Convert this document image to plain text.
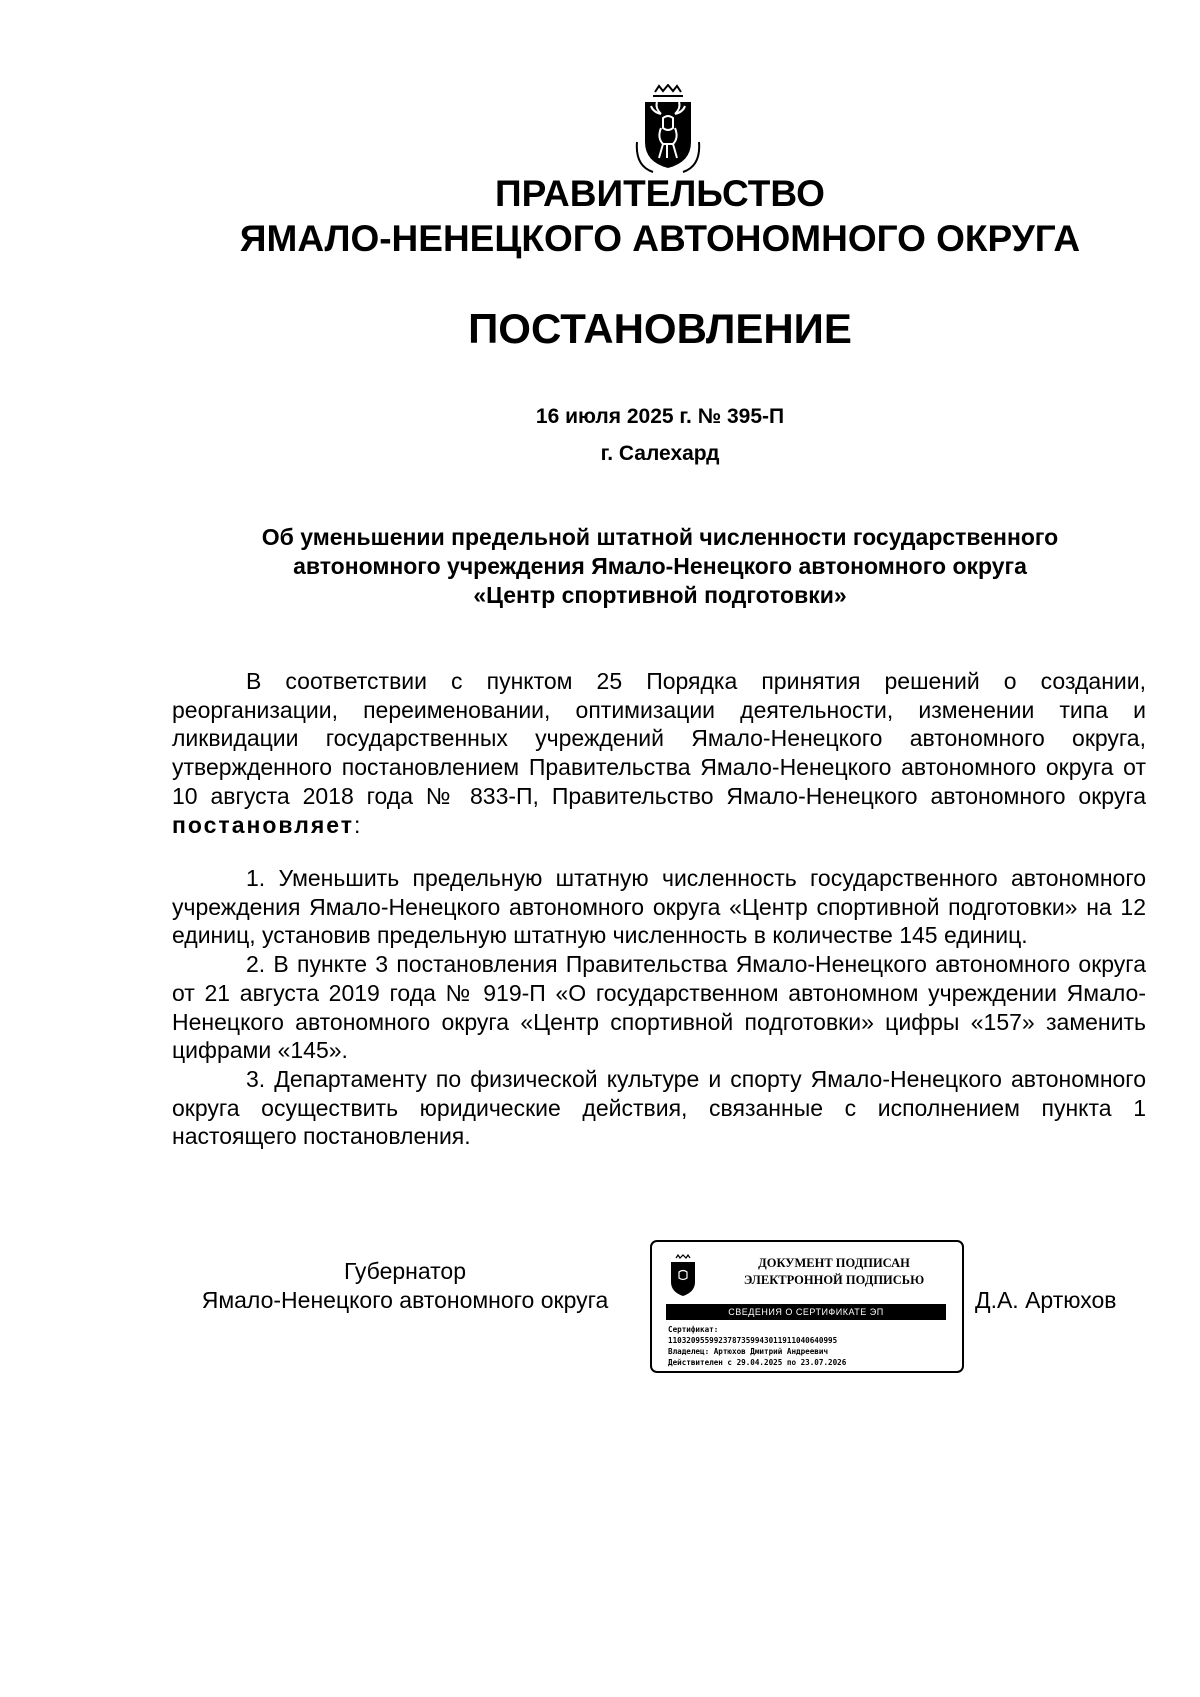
ПРАВИТЕЛЬСТВО
ЯМАЛО-НЕНЕЦКОГО АВТОНОМНОГО ОКРУГА
ПОСТАНОВЛЕНИЕ
16 июля 2025 г. № 395-П
г. Салехард
Об уменьшении предельной штатной численности государственного
автономного учреждения Ямало-Ненецкого автономного округа
«Центр спортивной подготовки»

В соответствии с пунктом 25 Порядка принятия решений о создании, реорганизации, переименовании, оптимизации деятельности, изменении типа и ликвидации государственных учреждений Ямало-Ненецкого автономного округа, утвержденного постановлением Правительства Ямало-Ненецкого автономного округа от 10 августа 2018 года № 833-П, Правительство Ямало-Ненецкого автономного округа постановляет:

1. Уменьшить предельную штатную численность государственного автономного учреждения Ямало-Ненецкого автономного округа «Центр спортивной подготовки» на 12 единиц, установив предельную штатную численность в количестве 145 единиц.

2. В пункте 3 постановления Правительства Ямало-Ненецкого автономного округа от 21 августа 2019 года № 919-П «О государственном автономном учреждении Ямало-Ненецкого автономного округа «Центр спортивной подготовки» цифры «157» заменить цифрами «145».

3. Департаменту по физической культуре и спорту Ямало-Ненецкого автономного округа осуществить юридические действия, связанные с исполнением пункта 1 настоящего постановления.

Губернатор
Ямало-Ненецкого автономного округа
ДОКУМЕНТ ПОДПИСАН
ЭЛЕКТРОННОЙ ПОДПИСЬЮ
СВЕДЕНИЯ О СЕРТИФИКАТЕ ЭП
Сертификат:
1103209559923787359943011911040640995
Владелец: Артюхов Дмитрий Андреевич
Действителен с 29.04.2025 по 23.07.2026
Д.А. Артюхов
